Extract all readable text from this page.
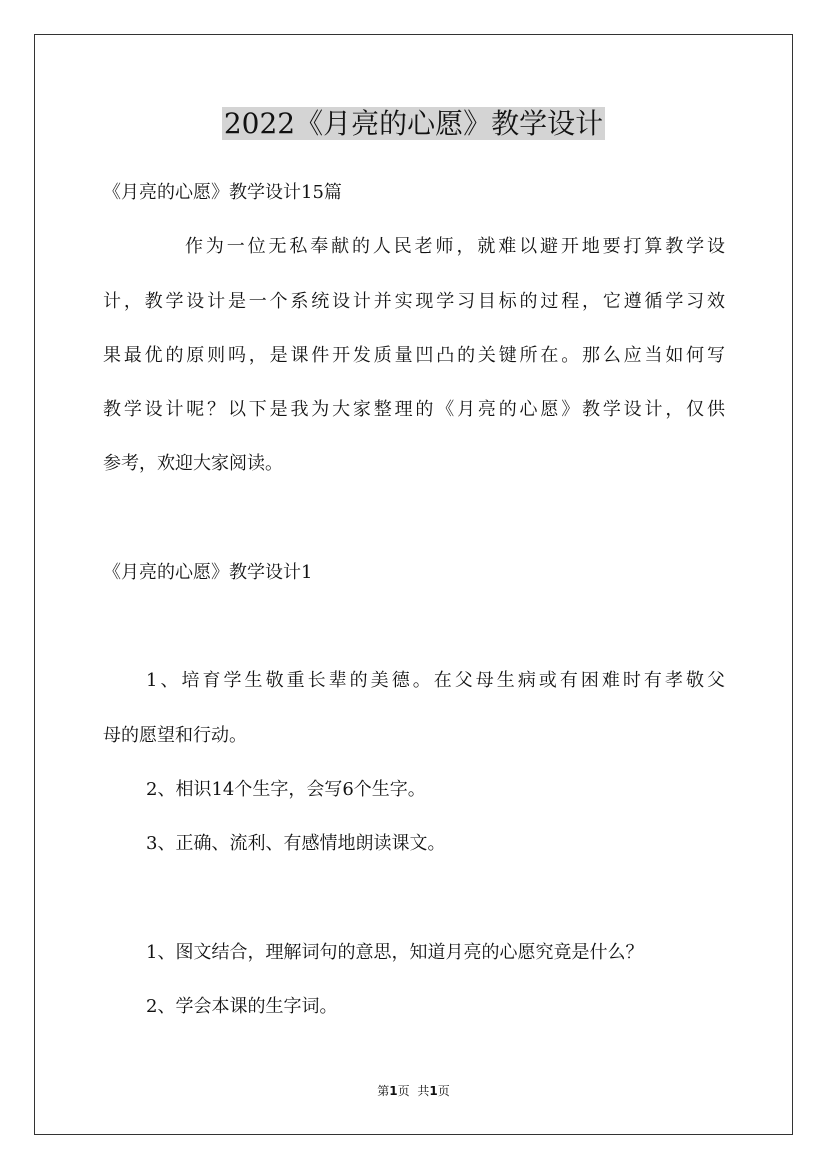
2022《月亮的心愿》教学设计
《月亮的心愿》教学设计15篇
作为一位无私奉献的人民老师，就难以避开地要打算教学设
计，教学设计是一个系统设计并实现学习目标的过程，它遵循学习效
果最优的原则吗，是课件开发质量凹凸的关键所在。那么应当如何写
教学设计呢？以下是我为大家整理的《月亮的心愿》教学设计，仅供
参考，欢迎大家阅读。
《月亮的心愿》教学设计1
1、培育学生敬重长辈的美德。在父母生病或有困难时有孝敬父
母的愿望和行动。
2、相识14个生字，会写6个生字。
3、正确、流利、有感情地朗读课文。
1、图文结合，理解词句的意思，知道月亮的心愿究竟是什么？
2、学会本课的生字词。
第1页 共1页
